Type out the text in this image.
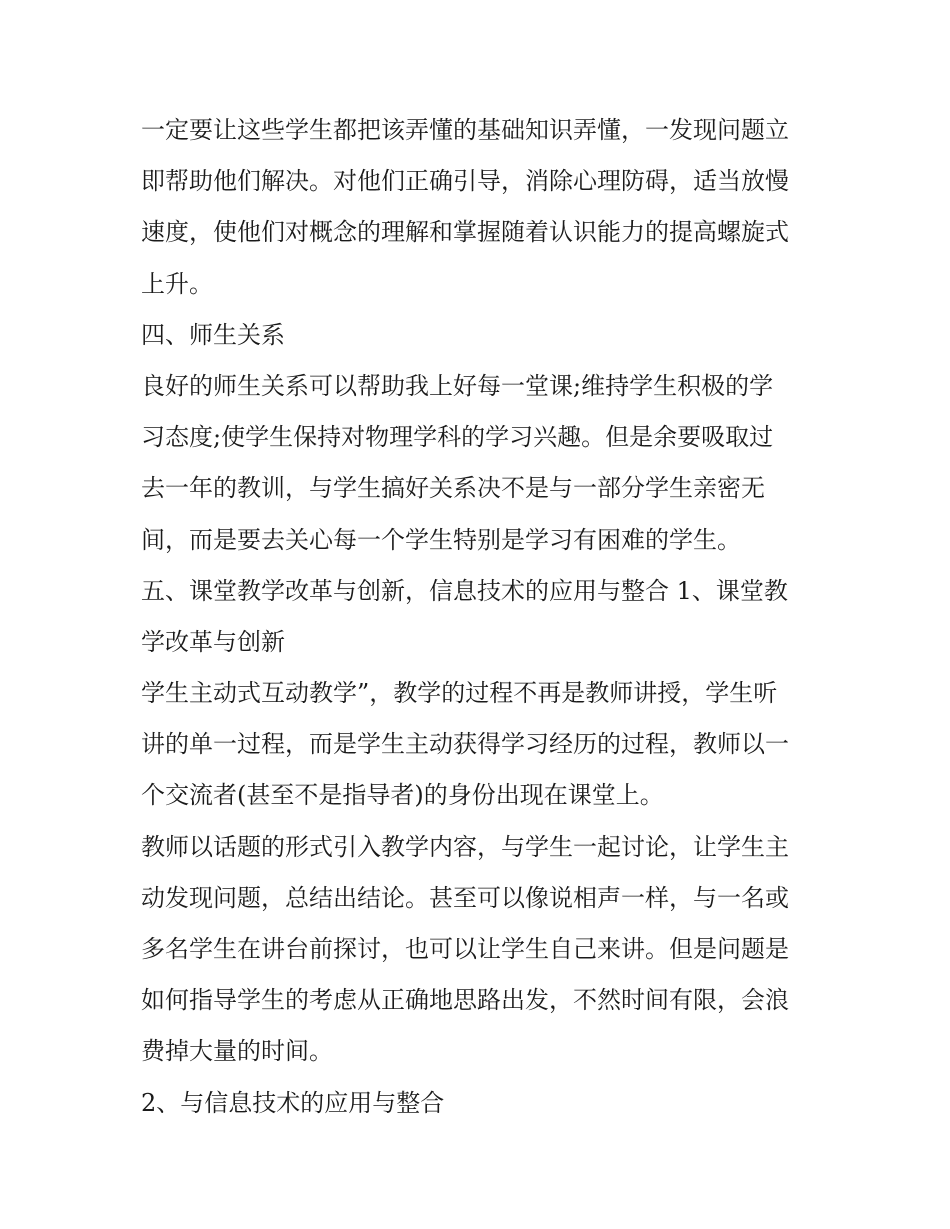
一定要让这些学生都把该弄懂的基础知识弄懂，一发现问题立
即帮助他们解决。对他们正确引导，消除心理防碍，适当放慢
速度，使他们对概念的理解和掌握随着认识能力的提高螺旋式
上升。
四、师生关系
良好的师生关系可以帮助我上好每一堂课;维持学生积极的学
习态度;使学生保持对物理学科的学习兴趣。但是余要吸取过
去一年的教训，与学生搞好关系决不是与一部分学生亲密无
间，而是要去关心每一个学生特别是学习有困难的学生。
五、课堂教学改革与创新，信息技术的应用与整合 1、课堂教
学改革与创新
学生主动式互动教学”，教学的过程不再是教师讲授，学生听
讲的单一过程，而是学生主动获得学习经历的过程，教师以一
个交流者(甚至不是指导者)的身份出现在课堂上。
教师以话题的形式引入教学内容，与学生一起讨论，让学生主
动发现问题，总结出结论。甚至可以像说相声一样，与一名或
多名学生在讲台前探讨，也可以让学生自己来讲。但是问题是
如何指导学生的考虑从正确地思路出发，不然时间有限，会浪
费掉大量的时间。
2、与信息技术的应用与整合
